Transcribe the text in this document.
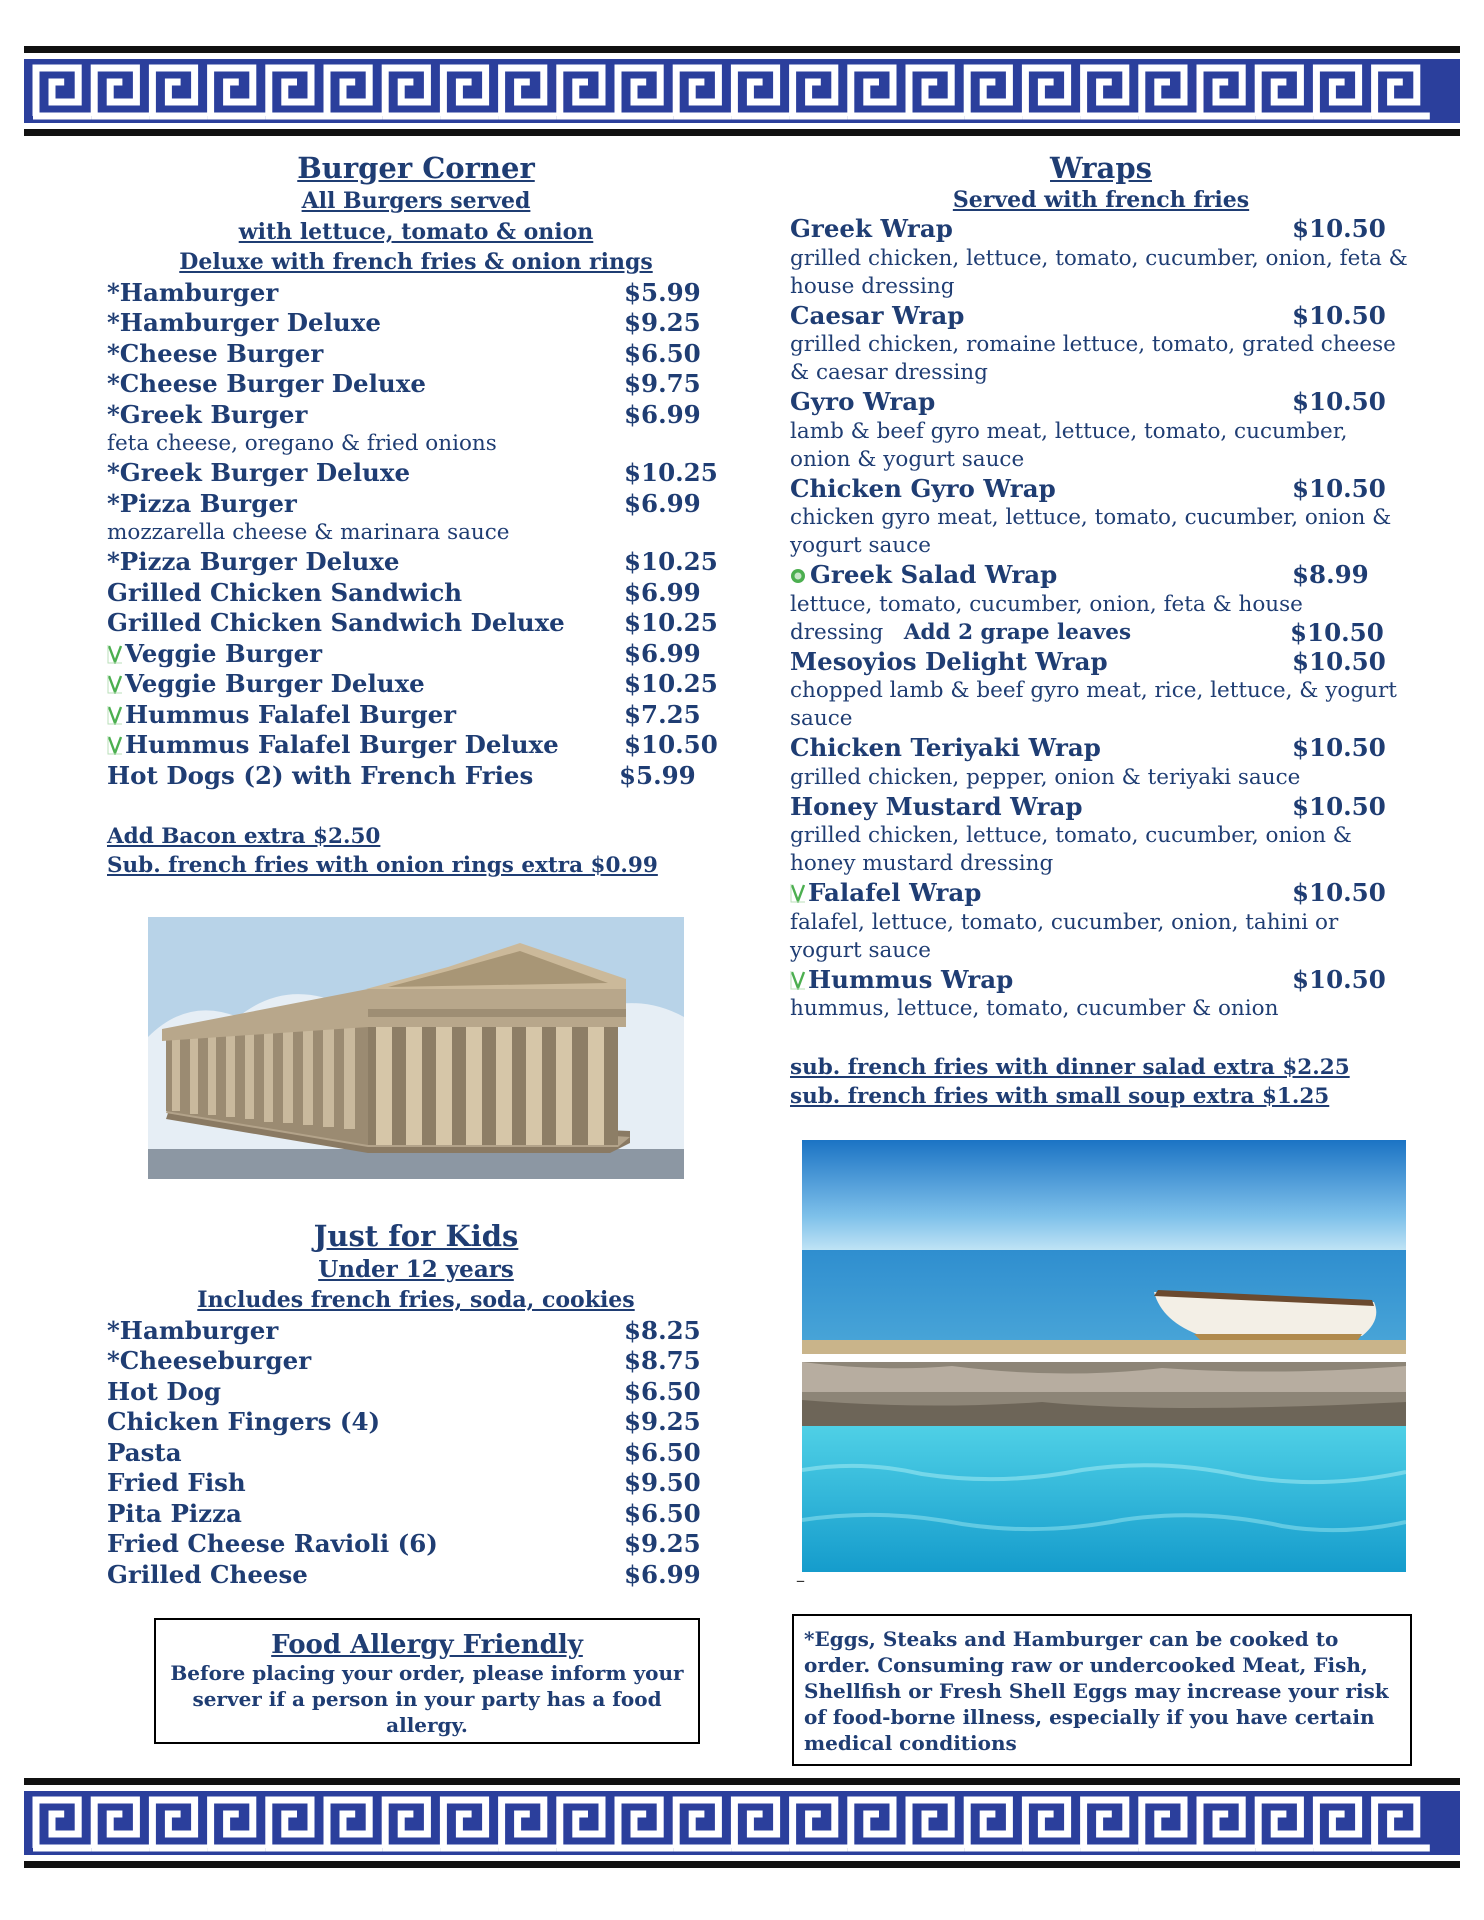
Burger Corner
All Burgers served
with lettuce, tomato & onion
Deluxe with french fries & onion rings
*Hamburger	$5.99
*Hamburger Deluxe	$9.25
*Cheese Burger	$6.50
*Cheese Burger Deluxe	$9.75
*Greek Burger	$6.99
feta cheese, oregano & fried onions
*Greek Burger Deluxe	$10.25
*Pizza Burger	$6.99
mozzarella cheese & marinara sauce
*Pizza Burger Deluxe	$10.25
Grilled Chicken Sandwich	$6.99
Grilled Chicken Sandwich Deluxe $10.25
Veggie Burger	$6.99
Veggie Burger Deluxe	$10.25
Hummus Falafel Burger	$7.25
Hummus Falafel Burger Deluxe	$10.50
Hot Dogs (2) with French Fries	$5.99
Add Bacon extra $2.50
Sub. french fries with onion rings extra $0.99
Just for Kids
Under 12 years
Includes french fries, soda, cookies
*Hamburger	$8.25
*Cheeseburger	$8.75
Hot Dog	$6.50
Chicken Fingers (4)	$9.25
Pasta	$6.50
Fried Fish	$9.50
Pita Pizza	$6.50
Fried Cheese Ravioli (6)	$9.25
Grilled Cheese	$6.99
Food Allergy Friendly
Before placing your order, please inform your server if a person in your party has a food allergy.
Wraps
Served with french fries
Greek Wrap	$10.50
grilled chicken, lettuce, tomato, cucumber, onion, feta & house dressing
Caesar Wrap	$10.50
grilled chicken, romaine lettuce, tomato, grated cheese & caesar dressing
Gyro Wrap	$10.50
lamb & beef gyro meat, lettuce, tomato, cucumber, onion & yogurt sauce
Chicken Gyro Wrap	$10.50
chicken gyro meat, lettuce, tomato, cucumber, onion & yogurt sauce
Greek Salad Wrap	$8.99
lettuce, tomato, cucumber, onion, feta & house dressing Add 2 grape leaves	$10.50
Mesoyios Delight Wrap	$10.50
chopped lamb & beef gyro meat, rice, lettuce, & yogurt sauce
Chicken Teriyaki Wrap	$10.50
grilled chicken, pepper, onion & teriyaki sauce
Honey Mustard Wrap	$10.50
grilled chicken, lettuce, tomato, cucumber, onion & honey mustard dressing
Falafel Wrap	$10.50
falafel, lettuce, tomato, cucumber, onion, tahini or yogurt sauce
Hummus Wrap	$10.50
hummus, lettuce, tomato, cucumber & onion
sub. french fries with dinner salad extra $2.25
sub. french fries with small soup extra $1.25
–
*Eggs, Steaks and Hamburger can be cooked to order. Consuming raw or undercooked Meat, Fish, Shellfish or Fresh Shell Eggs may increase your risk of food-borne illness, especially if you have certain medical conditions
